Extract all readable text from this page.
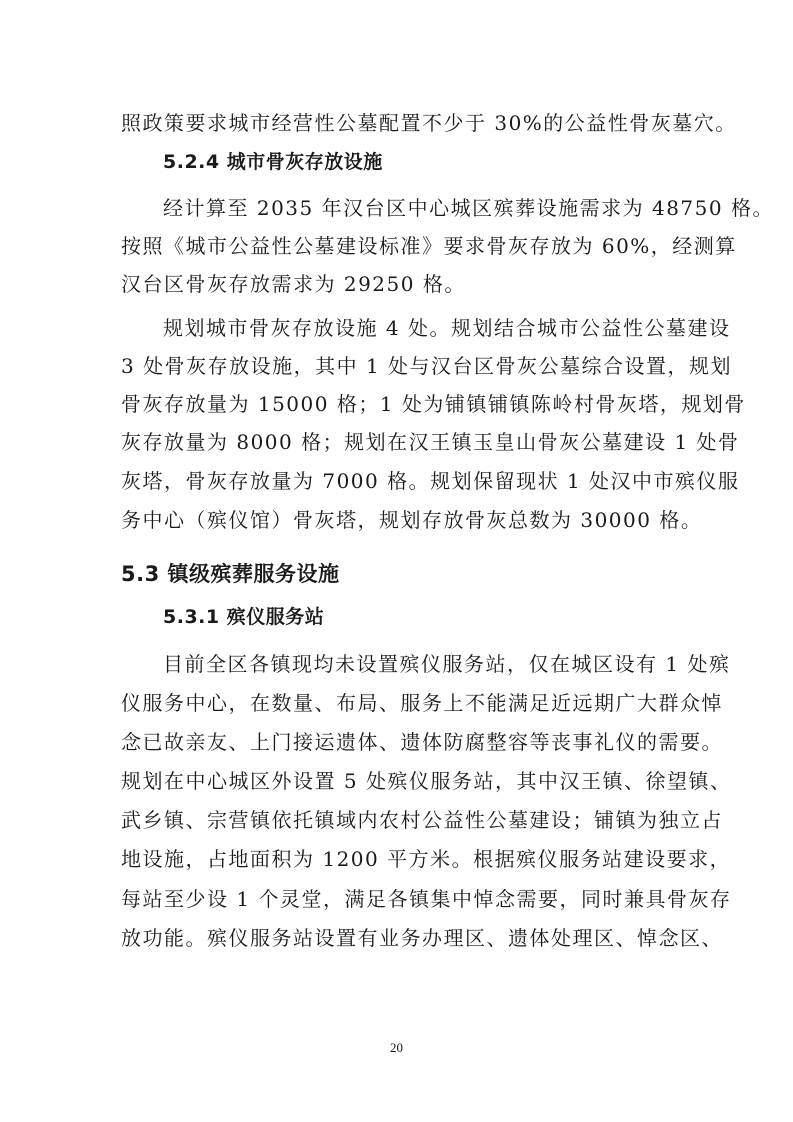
照政策要求城市经营性公墓配置不少于 30%的公益性骨灰墓穴。
5.2.4 城市骨灰存放设施
经计算至 2035 年汉台区中心城区殡葬设施需求为 48750 格。
按照《城市公益性公墓建设标准》要求骨灰存放为 60%，经测算
汉台区骨灰存放需求为 29250 格。
规划城市骨灰存放设施 4 处。规划结合城市公益性公墓建设
3 处骨灰存放设施，其中 1 处与汉台区骨灰公墓综合设置，规划
骨灰存放量为 15000 格；1 处为铺镇铺镇陈岭村骨灰塔，规划骨
灰存放量为 8000 格；规划在汉王镇玉皇山骨灰公墓建设 1 处骨
灰塔，骨灰存放量为 7000 格。规划保留现状 1 处汉中市殡仪服
务中心（殡仪馆）骨灰塔，规划存放骨灰总数为 30000 格。
5.3 镇级殡葬服务设施
5.3.1 殡仪服务站
目前全区各镇现均未设置殡仪服务站，仅在城区设有 1 处殡
仪服务中心，在数量、布局、服务上不能满足近远期广大群众悼
念已故亲友、上门接运遗体、遗体防腐整容等丧事礼仪的需要。
规划在中心城区外设置 5 处殡仪服务站，其中汉王镇、徐望镇、
武乡镇、宗营镇依托镇域内农村公益性公墓建设；铺镇为独立占
地设施，占地面积为 1200 平方米。根据殡仪服务站建设要求，
每站至少设 1 个灵堂，满足各镇集中悼念需要，同时兼具骨灰存
放功能。殡仪服务站设置有业务办理区、遗体处理区、悼念区、
20
